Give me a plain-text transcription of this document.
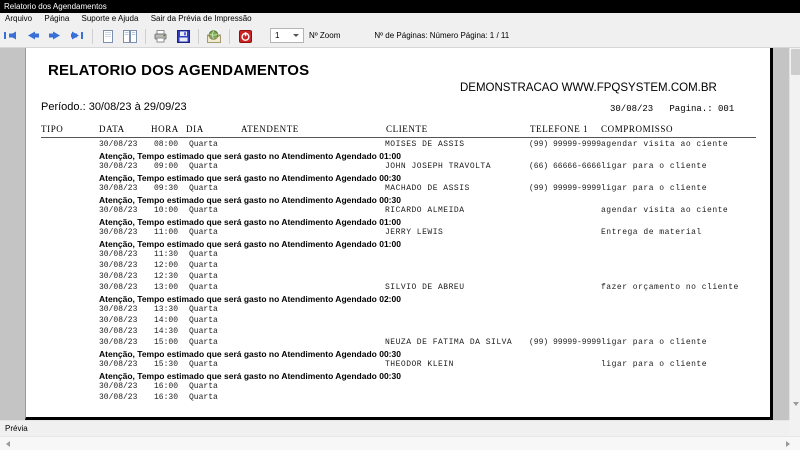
Relatorio dos Agendamentos
Arquivo Página Suporte e Ajuda Sair da Prévia de Impressão

1	Nº Zoom	Nº de Páginas: Número Página: 1 / 11
RELATORIO DOS AGENDAMENTOS
DEMONSTRACAO WWW.FPQSYSTEM.COM.BR
Período.: 30/08/23 à 29/09/23	30/08/23   Pagina.: 001
TIPO	DATA	HORA DIA	ATENDENTE	CLIENTE	TELEFONE 1 COMPROMISSO
30/08/23 08:00 Quarta	MOISES DE ASSIS	(99) 99999-9999 agendar visita ao ciente
Atenção, Tempo estimado que será gasto no Atendimento Agendado 01:00
30/08/23 09:00 Quarta	JOHN JOSEPH TRAVOLTA	(66) 66666-6666 ligar para o cliente
Atenção, Tempo estimado que será gasto no Atendimento Agendado 00:30
30/08/23 09:30 Quarta	MACHADO DE ASSIS	(99) 99999-9999 ligar para o cliente
Atenção, Tempo estimado que será gasto no Atendimento Agendado 00:30
30/08/23 10:00 Quarta	RICARDO ALMEIDA	agendar visita ao ciente
Atenção, Tempo estimado que será gasto no Atendimento Agendado 01:00
30/08/23 11:00 Quarta	JERRY LEWIS	Entrega de material
Atenção, Tempo estimado que será gasto no Atendimento Agendado 01:00
30/08/23 11:30 Quarta
30/08/23 12:00 Quarta
30/08/23 12:30 Quarta
30/08/23 13:00 Quarta	SILVIO DE ABREU	fazer orçamento no cliente
Atenção, Tempo estimado que será gasto no Atendimento Agendado 02:00
30/08/23 13:30 Quarta
30/08/23 14:00 Quarta
30/08/23 14:30 Quarta
30/08/23 15:00 Quarta	NEUZA DE FATIMA DA SILVA (99) 99999-9999 ligar para o cliente
Atenção, Tempo estimado que será gasto no Atendimento Agendado 00:30
30/08/23 15:30 Quarta	THEODOR KLEIN	ligar para o cliente
Atenção, Tempo estimado que será gasto no Atendimento Agendado 00:30
30/08/23 16:00 Quarta
30/08/23 16:30 Quarta
Prévia
